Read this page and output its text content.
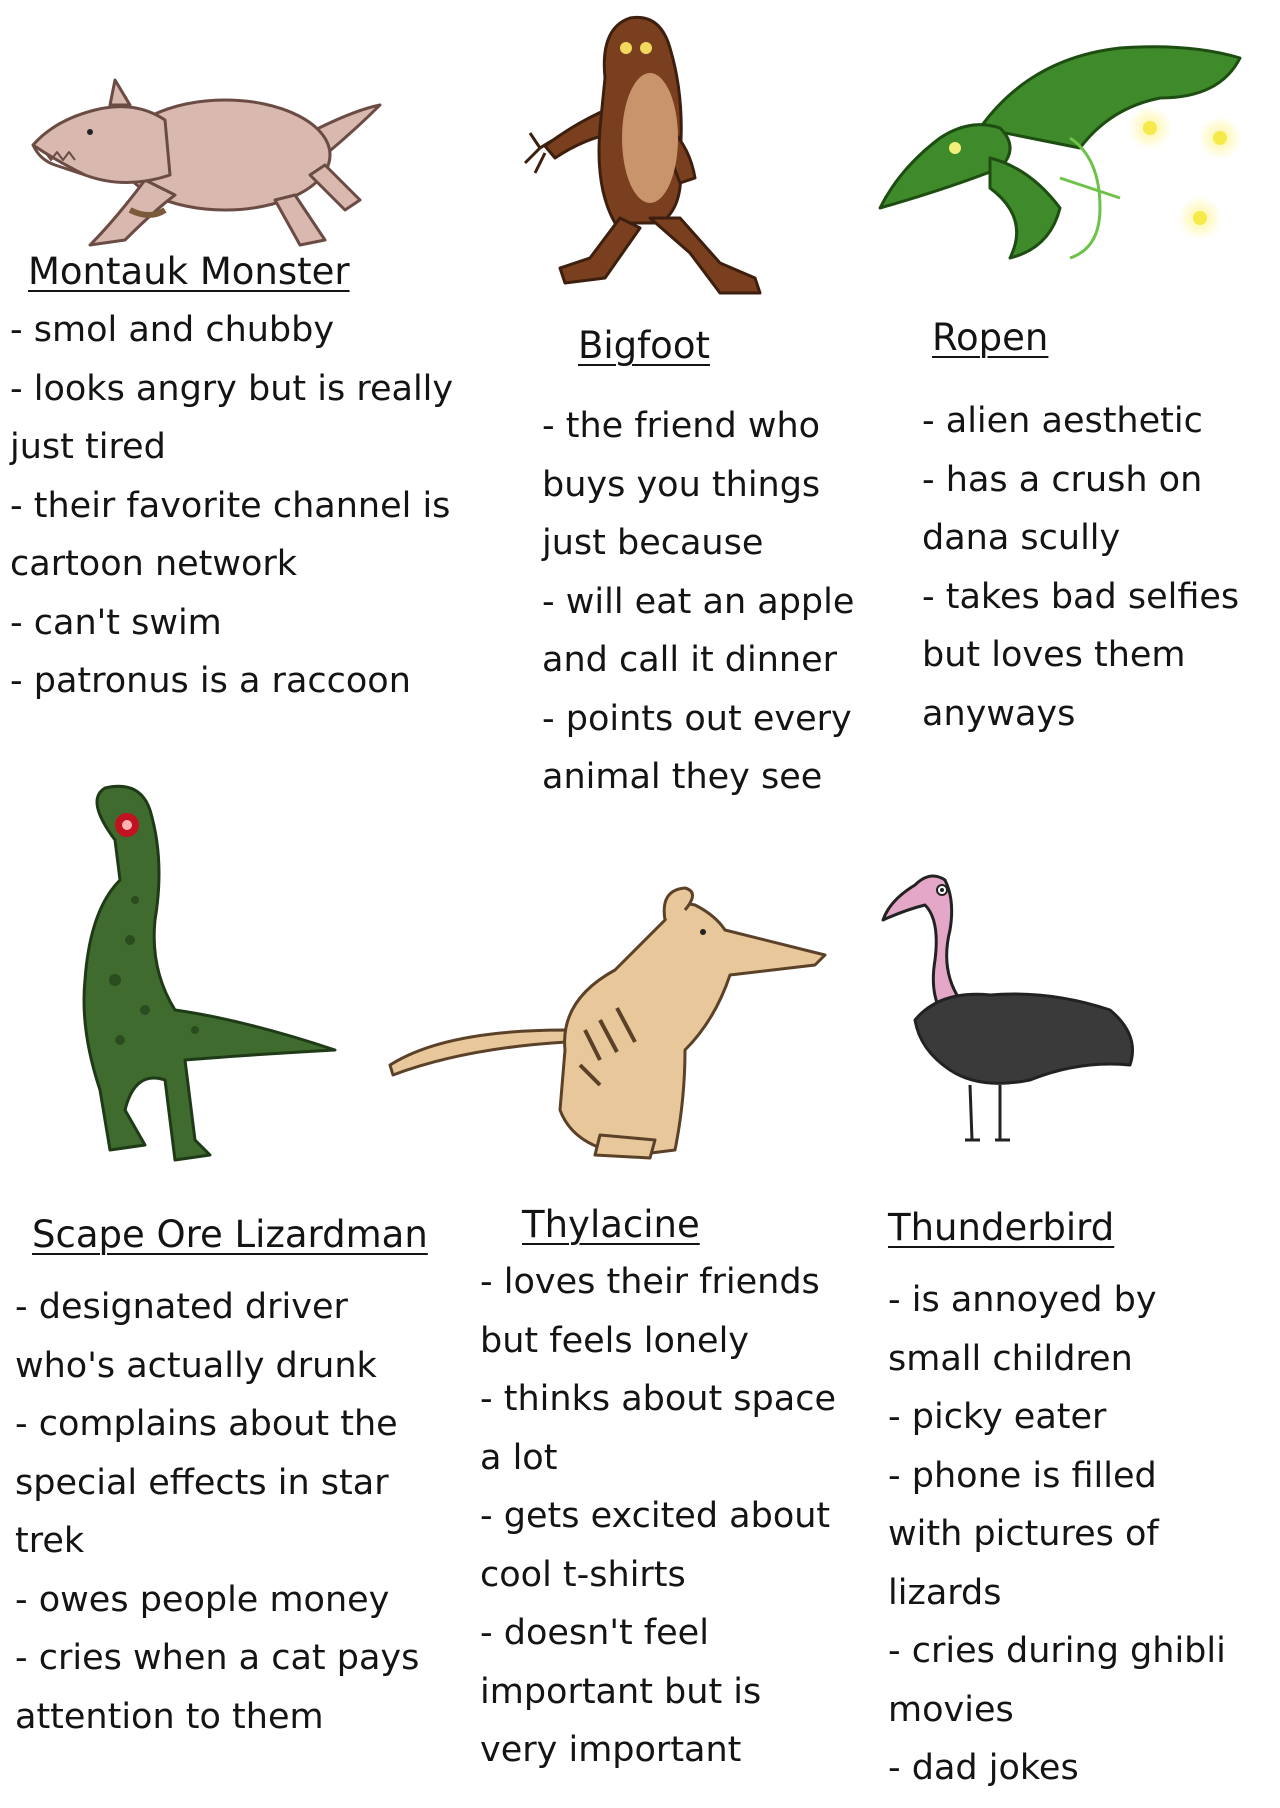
Montauk Monster
- smol and chubby
- looks angry but is really
just tired
- their favorite channel is
cartoon network
- can't swim
- patronus is a raccoon
Bigfoot
- the friend who
buys you things
just because
- will eat an apple
and call it dinner
- points out every
animal they see
Ropen
- alien aesthetic
- has a crush on
dana scully
- takes bad selfies
but loves them
anyways
Scape Ore Lizardman
- designated driver
who's actually drunk
- complains about the
special effects in star
trek
- owes people money
- cries when a cat pays
attention to them
Thylacine
- loves their friends
but feels lonely
- thinks about space
a lot
- gets excited about
cool t-shirts
- doesn't feel
important but is
very important
Thunderbird
- is annoyed by
small children
- picky eater
- phone is filled
with pictures of
lizards
- cries during ghibli
movies
- dad jokes
